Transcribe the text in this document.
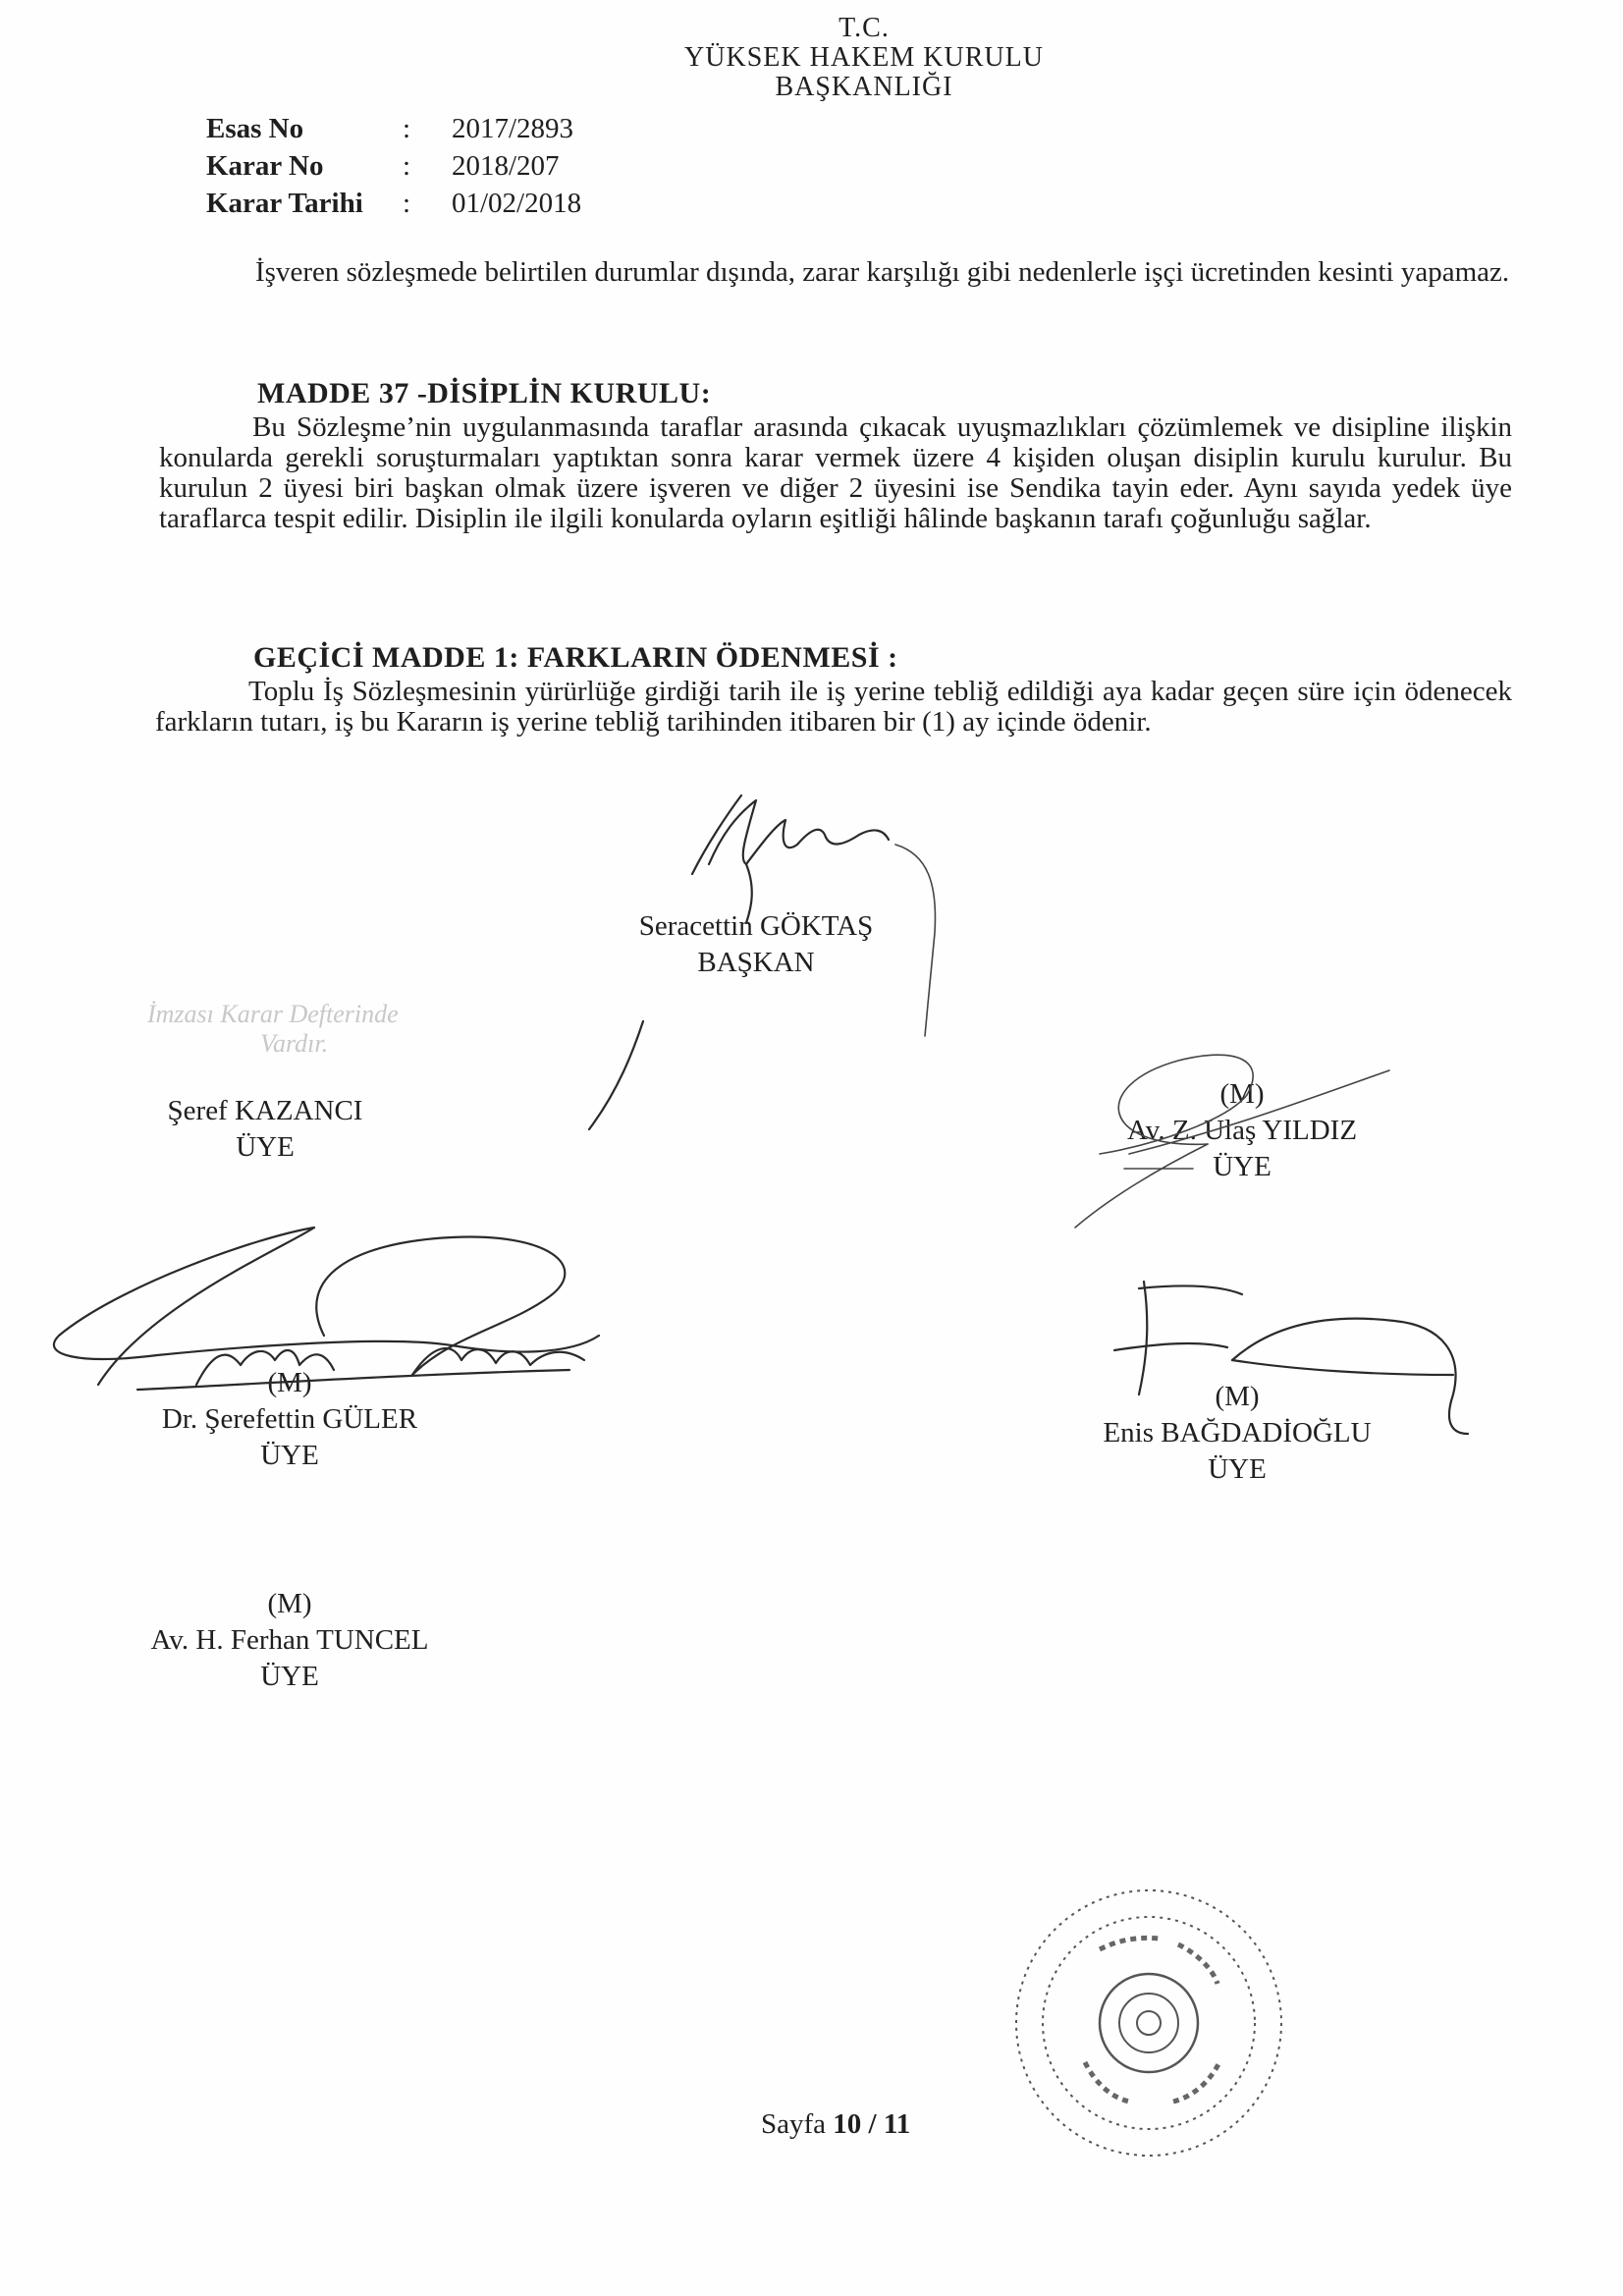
T.C.
YÜKSEK HAKEM KURULU
BAŞKANLIĞI
Esas No	: 2017/2893
Karar No	: 2018/207
Karar Tarihi : 01/02/2018
İşveren sözleşmede belirtilen durumlar dışında, zarar karşılığı gibi nedenlerle işçi ücretinden kesinti yapamaz.
MADDE 37 -DİSİPLİN KURULU:
Bu Sözleşme’nin uygulanmasında taraflar arasında çıkacak uyuşmazlıkları çözümlemek ve disipline ilişkin konularda gerekli soruşturmaları yaptıktan sonra karar vermek üzere 4 kişiden oluşan disiplin kurulu kurulur. Bu kurulun 2 üyesi biri başkan olmak üzere işveren ve diğer 2 üyesini ise Sendika tayin eder. Aynı sayıda yedek üye taraflarca tespit edilir. Disiplin ile ilgili konularda oyların eşitliği hâlinde başkanın tarafı çoğunluğu sağlar.
GEÇİCİ MADDE 1: FARKLARIN ÖDENMESİ :
Toplu İş Sözleşmesinin yürürlüğe girdiği tarih ile iş yerine tebliğ edildiği aya kadar geçen süre için ödenecek farkların tutarı, iş bu Kararın iş yerine tebliğ tarihinden itibaren bir (1) ay içinde ödenir.
Seracettin GÖKTAŞ
BAŞKAN
İmzası Karar Defterinde
Vardır.
Şeref KAZANCI
ÜYE
(M)
Av. Z. Ulaş YILDIZ
ÜYE
(M)
Dr. Şerefettin GÜLER
ÜYE
(M)
Enis BAĞDADİOĞLU
ÜYE
(M)
Av. H. Ferhan TUNCEL
ÜYE
Sayfa 10 / 11
